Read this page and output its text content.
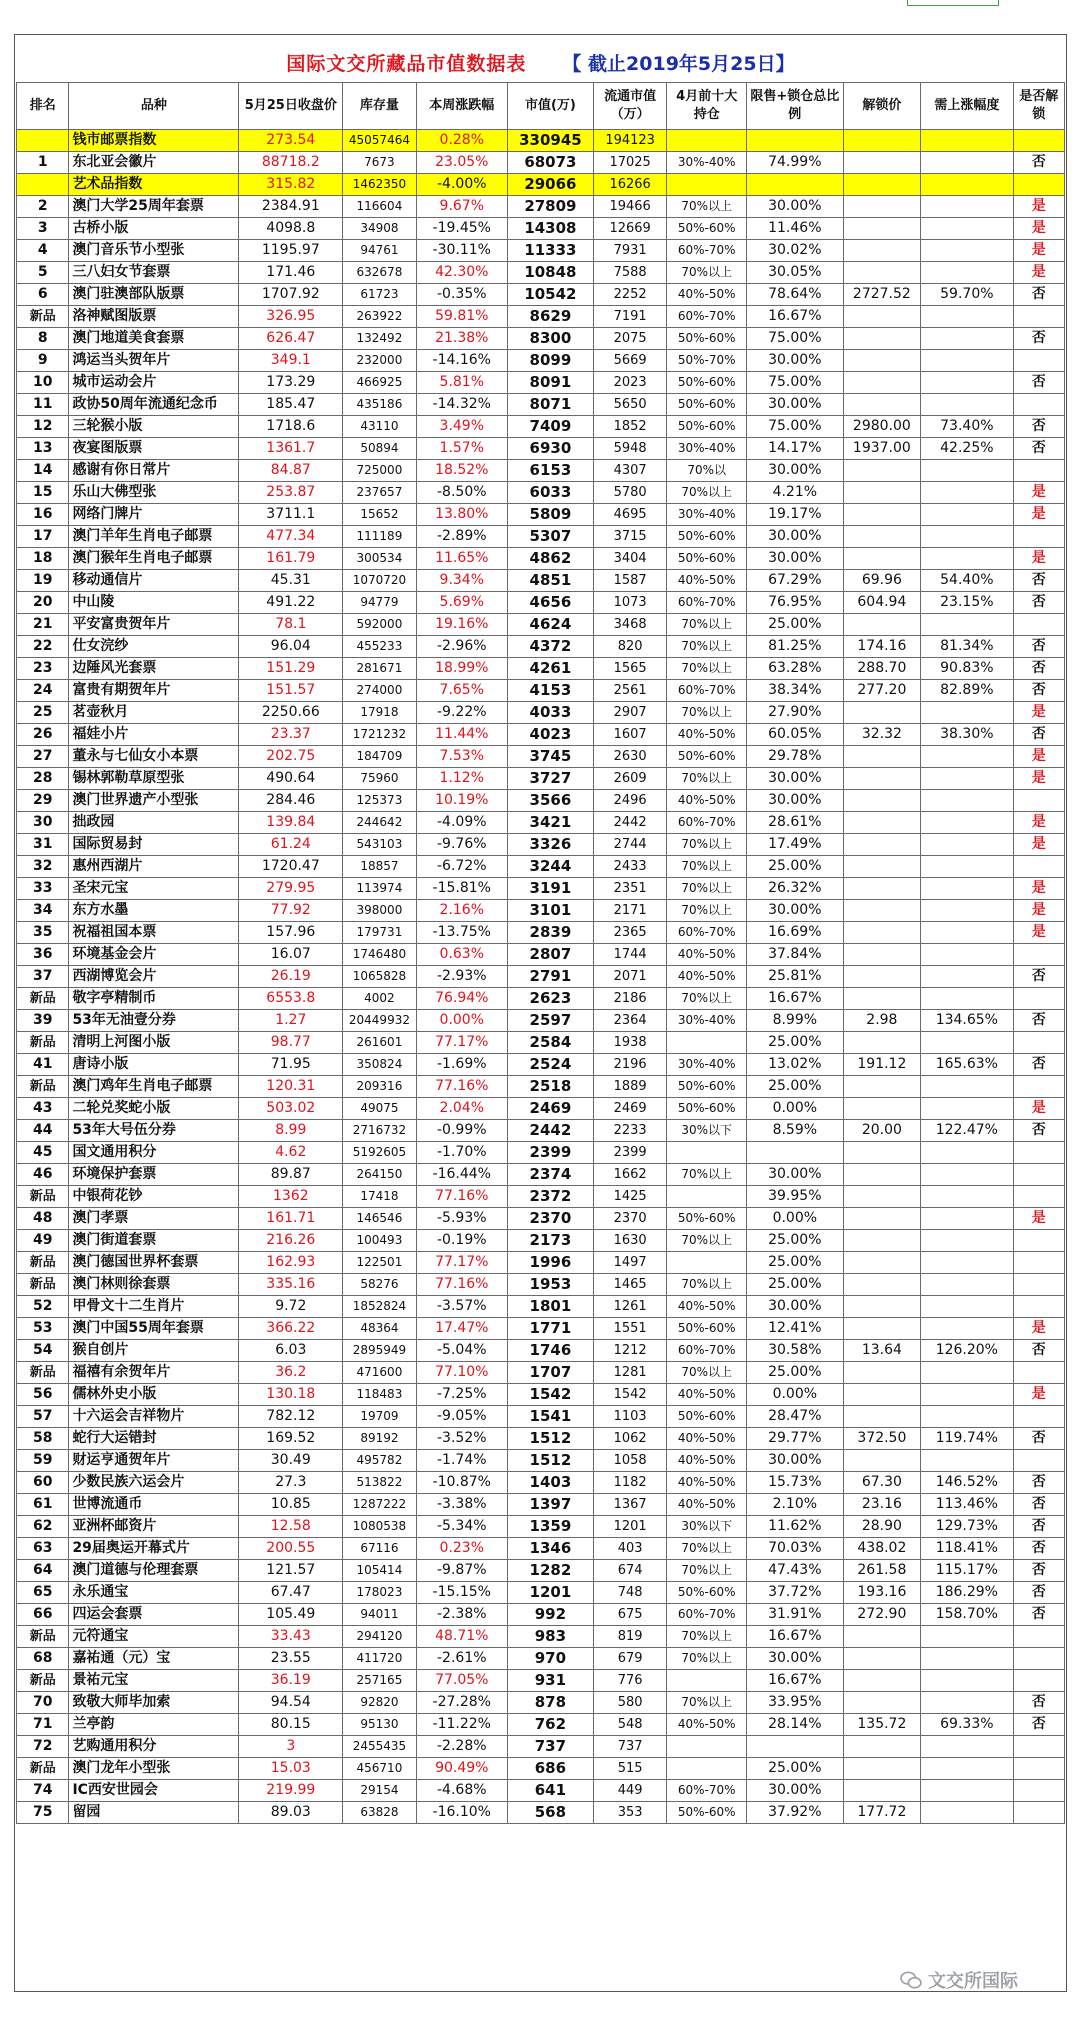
国际文交所藏品市值数据表 【 截止2019年5月25日】
排名	品种	5月25日收盘价	库存量	本周涨跌幅	市值(万)	流通市值（万）	4月前十大持仓	限售+锁仓总比例	解锁价	需上涨幅度	是否解锁
	钱市邮票指数	273.54	45057464	0.28%	330945	194123					
1	东北亚会徽片	88718.2	7673	23.05%	68073	17025	30%-40%	74.99%			否
	艺术品指数	315.82	1462350	-4.00%	29066	16266					
2	澳门大学25周年套票	2384.91	116604	9.67%	27809	19466	70%以上	30.00%			是
3	古桥小版	4098.8	34908	-19.45%	14308	12669	50%-60%	11.46%			是
4	澳门音乐节小型张	1195.97	94761	-30.11%	11333	7931	60%-70%	30.02%			是
5	三八妇女节套票	171.46	632678	42.30%	10848	7588	70%以上	30.05%			是
6	澳门驻澳部队版票	1707.92	61723	-0.35%	10542	2252	40%-50%	78.64%	2727.52	59.70%	否
新品	洛神赋图版票	326.95	263922	59.81%	8629	7191	60%-70%	16.67%			
8	澳门地道美食套票	626.47	132492	21.38%	8300	2075	50%-60%	75.00%			否
9	鸿运当头贺年片	349.1	232000	-14.16%	8099	5669	50%-70%	30.00%			
10	城市运动会片	173.29	466925	5.81%	8091	2023	50%-60%	75.00%			否
11	政协50周年流通纪念币	185.47	435186	-14.32%	8071	5650	50%-60%	30.00%			
12	三轮猴小版	1718.6	43110	3.49%	7409	1852	50%-60%	75.00%	2980.00	73.40%	否
13	夜宴图版票	1361.7	50894	1.57%	6930	5948	30%-40%	14.17%	1937.00	42.25%	否
14	感谢有你日常片	84.87	725000	18.52%	6153	4307	70%以	30.00%			
15	乐山大佛型张	253.87	237657	-8.50%	6033	5780	70%以上	4.21%			是
16	网络门牌片	3711.1	15652	13.80%	5809	4695	30%-40%	19.17%			是
17	澳门羊年生肖电子邮票	477.34	111189	-2.89%	5307	3715	50%-60%	30.00%			
18	澳门猴年生肖电子邮票	161.79	300534	11.65%	4862	3404	50%-60%	30.00%			是
19	移动通信片	45.31	1070720	9.34%	4851	1587	40%-50%	67.29%	69.96	54.40%	否
20	中山陵	491.22	94779	5.69%	4656	1073	60%-70%	76.95%	604.94	23.15%	否
21	平安富贵贺年片	78.1	592000	19.16%	4624	3468	70%以上	25.00%			
22	仕女浣纱	96.04	455233	-2.96%	4372	820	70%以上	81.25%	174.16	81.34%	否
23	边陲风光套票	151.29	281671	18.99%	4261	1565	70%以上	63.28%	288.70	90.83%	否
24	富贵有期贺年片	151.57	274000	7.65%	4153	2561	60%-70%	38.34%	277.20	82.89%	否
25	茗壶秋月	2250.66	17918	-9.22%	4033	2907	70%以上	27.90%			是
26	福娃小片	23.37	1721232	11.44%	4023	1607	40%-50%	60.05%	32.32	38.30%	否
27	董永与七仙女小本票	202.75	184709	7.53%	3745	2630	50%-60%	29.78%			是
28	锡林郭勒草原型张	490.64	75960	1.12%	3727	2609	70%以上	30.00%			是
29	澳门世界遗产小型张	284.46	125373	10.19%	3566	2496	40%-50%	30.00%			
30	拙政园	139.84	244642	-4.09%	3421	2442	60%-70%	28.61%			是
31	国际贸易封	61.24	543103	-9.76%	3326	2744	70%以上	17.49%			是
32	惠州西湖片	1720.47	18857	-6.72%	3244	2433	70%以上	25.00%			
33	圣宋元宝	279.95	113974	-15.81%	3191	2351	70%以上	26.32%			是
34	东方水墨	77.92	398000	2.16%	3101	2171	70%以上	30.00%			是
35	祝福祖国本票	157.96	179731	-13.75%	2839	2365	60%-70%	16.69%			是
36	环境基金会片	16.07	1746480	0.63%	2807	1744	40%-50%	37.84%			
37	西湖博览会片	26.19	1065828	-2.93%	2791	2071	40%-50%	25.81%			否
新品	敬字亭精制币	6553.8	4002	76.94%	2623	2186	70%以上	16.67%			
39	53年无油壹分券	1.27	20449932	0.00%	2597	2364	30%-40%	8.99%	2.98	134.65%	否
新品	清明上河图小版	98.77	261601	77.17%	2584	1938		25.00%			
41	唐诗小版	71.95	350824	-1.69%	2524	2196	30%-40%	13.02%	191.12	165.63%	否
新品	澳门鸡年生肖电子邮票	120.31	209316	77.16%	2518	1889	50%-60%	25.00%			
43	二轮兑奖蛇小版	503.02	49075	2.04%	2469	2469	50%-60%	0.00%			是
44	53年大号伍分券	8.99	2716732	-0.99%	2442	2233	30%以下	8.59%	20.00	122.47%	否
45	国文通用积分	4.62	5192605	-1.70%	2399	2399					
46	环境保护套票	89.87	264150	-16.44%	2374	1662	70%以上	30.00%			
新品	中银荷花钞	1362	17418	77.16%	2372	1425		39.95%			
48	澳门孝票	161.71	146546	-5.93%	2370	2370	50%-60%	0.00%			是
49	澳门街道套票	216.26	100493	-0.19%	2173	1630	70%以上	25.00%			
新品	澳门德国世界杯套票	162.93	122501	77.17%	1996	1497		25.00%			
新品	澳门林则徐套票	335.16	58276	77.16%	1953	1465	70%以上	25.00%			
52	甲骨文十二生肖片	9.72	1852824	-3.57%	1801	1261	40%-50%	30.00%			
53	澳门中国55周年套票	366.22	48364	17.47%	1771	1551	50%-60%	12.41%			是
54	猴自创片	6.03	2895949	-5.04%	1746	1212	60%-70%	30.58%	13.64	126.20%	否
新品	福禧有余贺年片	36.2	471600	77.10%	1707	1281	70%以上	25.00%			
56	儒林外史小版	130.18	118483	-7.25%	1542	1542	40%-50%	0.00%			是
57	十六运会吉祥物片	782.12	19709	-9.05%	1541	1103	50%-60%	28.47%			
58	蛇行大运错封	169.52	89192	-3.52%	1512	1062	40%-50%	29.77%	372.50	119.74%	否
59	财运亨通贺年片	30.49	495782	-1.74%	1512	1058	40%-50%	30.00%			
60	少数民族六运会片	27.3	513822	-10.87%	1403	1182	40%-50%	15.73%	67.30	146.52%	否
61	世博流通币	10.85	1287222	-3.38%	1397	1367	40%-50%	2.10%	23.16	113.46%	否
62	亚洲杯邮资片	12.58	1080538	-5.34%	1359	1201	30%以下	11.62%	28.90	129.73%	否
63	29届奥运开幕式片	200.55	67116	0.23%	1346	403	70%以上	70.03%	438.02	118.41%	否
64	澳门道德与伦理套票	121.57	105414	-9.87%	1282	674	70%以上	47.43%	261.58	115.17%	否
65	永乐通宝	67.47	178023	-15.15%	1201	748	50%-60%	37.72%	193.16	186.29%	否
66	四运会套票	105.49	94011	-2.38%	992	675	60%-70%	31.91%	272.90	158.70%	否
新品	元符通宝	33.43	294120	48.71%	983	819	70%以上	16.67%			
68	嘉祐通（元）宝	23.55	411720	-2.61%	970	679	70%以上	30.00%			
新品	景祐元宝	36.19	257165	77.05%	931	776		16.67%			
70	致敬大师毕加索	94.54	92820	-27.28%	878	580	70%以上	33.95%			否
71	兰亭韵	80.15	95130	-11.22%	762	548	40%-50%	28.14%	135.72	69.33%	否
72	艺购通用积分	3	2455435	-2.28%	737	737					
新品	澳门龙年小型张	15.03	456710	90.49%	686	515		25.00%			
74	IC西安世园会	219.99	29154	-4.68%	641	449	60%-70%	30.00%			
75	留园	89.03	63828	-16.10%	568	353	50%-60%	37.92%	177.72		
文交所国际
